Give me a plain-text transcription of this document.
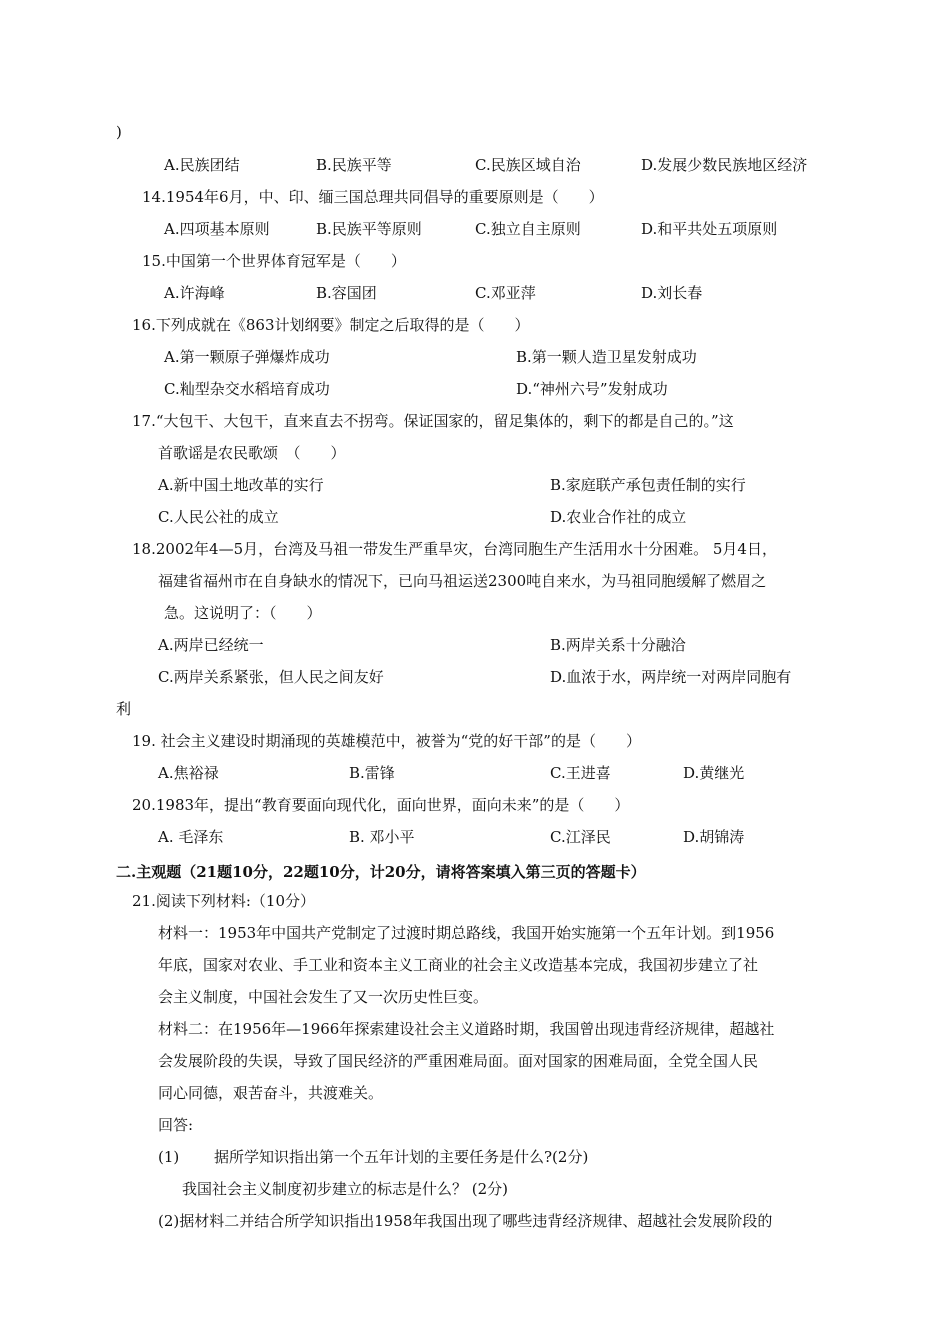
)
A.民族团结	B.民族平等	C.民族区域自治	D.发展少数民族地区经济
14.1954年6月，中、印、缅三国总理共同倡导的重要原则是（　　）
A.四项基本原则	B.民族平等原则	C.独立自主原则	D.和平共处五项原则
15.中国第一个世界体育冠军是（　　）
A.许海峰	B.容国团	C.邓亚萍	D.刘长春
16.下列成就在《863计划纲要》制定之后取得的是（　　）
A.第一颗原子弹爆炸成功	B.第一颗人造卫星发射成功
C.籼型杂交水稻培育成功	D.“神州六号”发射成功
17.“大包干、大包干，直来直去不拐弯。保证国家的，留足集体的，剩下的都是自己的。”这
首歌谣是农民歌颂　（　　）
A.新中国土地改革的实行	B.家庭联产承包责任制的实行
C.人民公社的成立	D.农业合作社的成立
18.2002年4—5月，台湾及马祖一带发生严重旱灾，台湾同胞生产生活用水十分困难。 5月4日，
福建省福州市在自身缺水的情况下，已向马祖运送2300吨自来水，为马祖同胞缓解了燃眉之
急。这说明了：（　　）
A.两岸已经统一	B.两岸关系十分融洽
C.两岸关系紧张，但人民之间友好	D.血浓于水，两岸统一对两岸同胞有
利
19. 社会主义建设时期涌现的英雄模范中，被誉为“党的好干部”的是（　　）
A.焦裕禄	B.雷锋	C.王进喜	D.黄继光
20.1983年，提出“教育要面向现代化，面向世界，面向未来”的是（　　）
A. 毛泽东	B. 邓小平	C.江泽民	D.胡锦涛
二.主观题（21题10分，22题10分，计20分，请将答案填入第三页的答题卡）
21.阅读下列材料:（10分）
材料一：1953年中国共产党制定了过渡时期总路线，我国开始实施第一个五年计划。到1956
年底，国家对农业、手工业和资本主义工商业的社会主义改造基本完成，我国初步建立了社
会主义制度，中国社会发生了又一次历史性巨变。
材料二：在1956年—1966年探索建设社会主义道路时期，我国曾出现违背经济规律，超越社
会发展阶段的失误，导致了国民经济的严重困难局面。面对国家的困难局面，全党全国人民
同心同德，艰苦奋斗，共渡难关。
回答:
(1) 据所学知识指出第一个五年计划的主要任务是什么?(2分)
我国社会主义制度初步建立的标志是什么？ (2分)
(2)据材料二并结合所学知识指出1958年我国出现了哪些违背经济规律、超越社会发展阶段的
